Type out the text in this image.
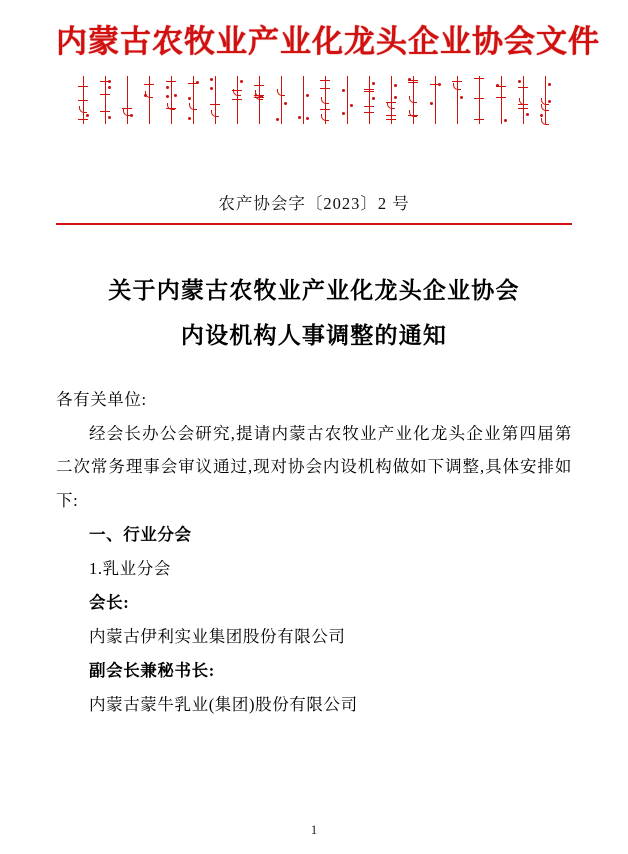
内蒙古农牧业产业化龙头企业协会文件
农产协会字〔2023〕2 号
关于内蒙古农牧业产业化龙头企业协会
内设机构人事调整的通知

各有关单位:

经会长办公会研究,提请内蒙古农牧业产业化龙头企业第四届第二次常务理事会审议通过,现对协会内设机构做如下调整,具体安排如下:

一、行业分会

1.乳业分会

会长:

内蒙古伊利实业集团股份有限公司

副会长兼秘书长:

内蒙古蒙牛乳业(集团)股份有限公司

1
